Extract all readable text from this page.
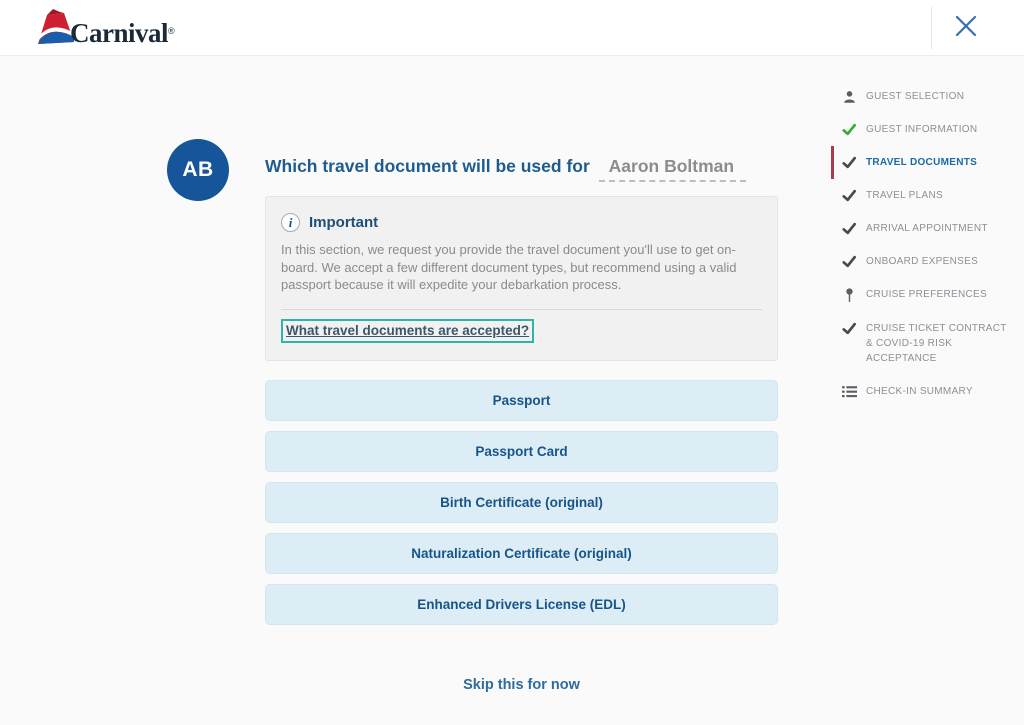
Carnival ®
AB	Which travel document will be used for Aaron Boltman
i	Important
In this section, we request you provide the travel document you'll use to get on-board. We accept a few different document types, but recommend using a valid passport because it will expedite your debarkation process.
What travel documents are accepted?
Passport
Passport Card
Birth Certificate (original)
Naturalization Certificate (original)
Enhanced Drivers License (EDL)
Skip this for now
GUEST SELECTION
GUEST INFORMATION
TRAVEL DOCUMENTS
TRAVEL PLANS
ARRIVAL APPOINTMENT
ONBOARD EXPENSES
CRUISE PREFERENCES
CRUISE TICKET CONTRACT & COVID-19 RISK ACCEPTANCE
CHECK-IN SUMMARY
